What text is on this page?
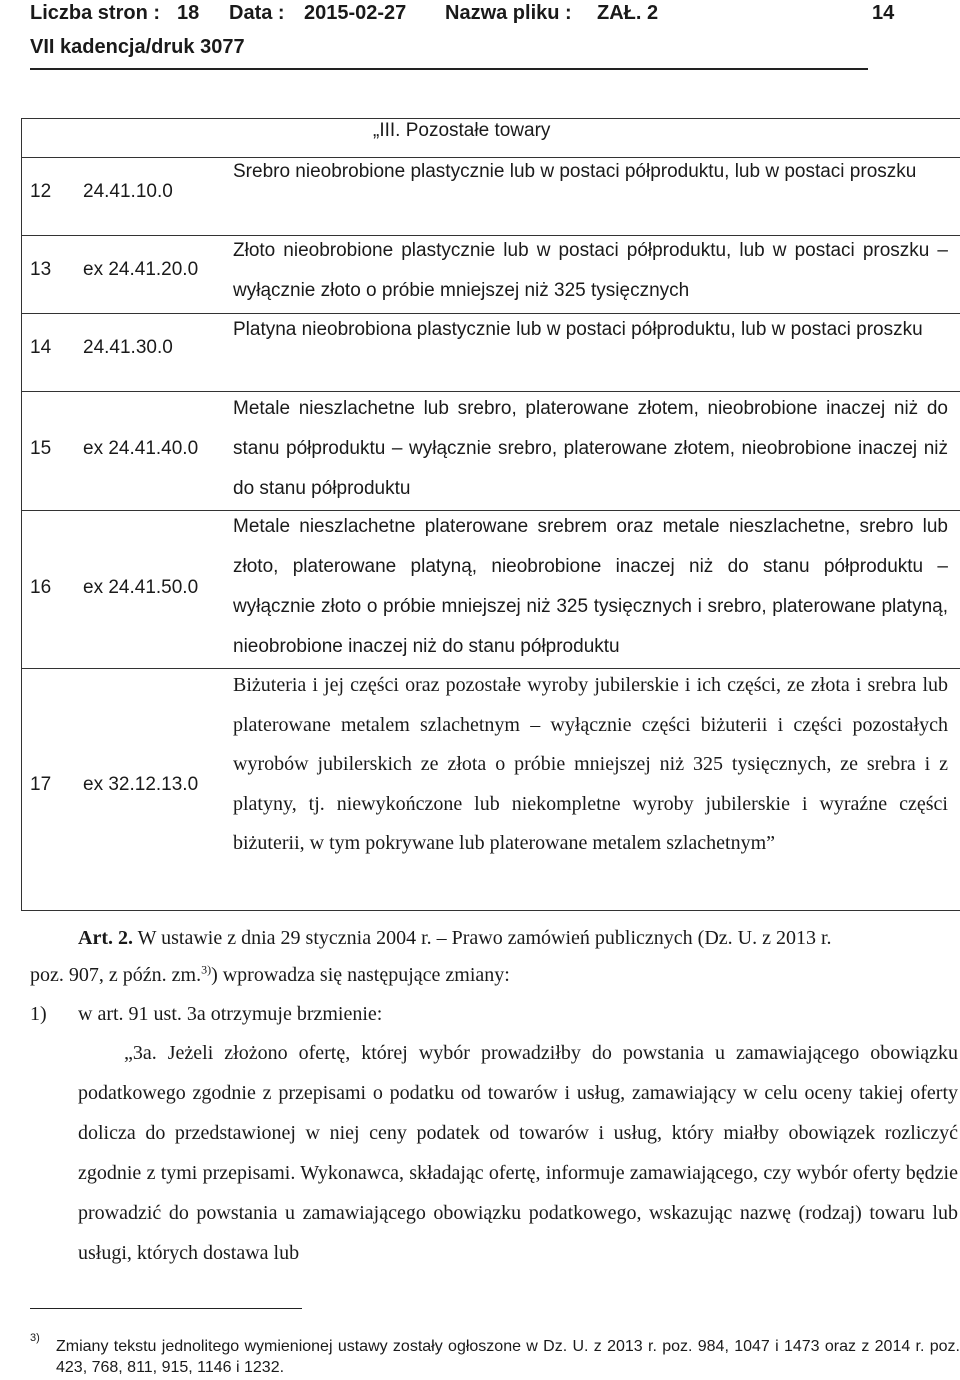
Liczba stron : 18 Data : 2015-02-27 Nazwa pliku : ZAŁ. 2	14
VII kadencja/druk 3077
„III. Pozostałe towary
12 24.41.10.0
Srebro nieobrobione plastycznie lub w postaci półproduktu, lub w postaci proszku
13 ex 24.41.20.0
Złoto nieobrobione plastycznie lub w postaci półproduktu, lub w postaci proszku – wyłącznie złoto o próbie mniejszej niż 325 tysięcznych
14 24.41.30.0
Platyna nieobrobiona plastycznie lub w postaci półproduktu, lub w postaci proszku
15 ex 24.41.40.0
Metale nieszlachetne lub srebro, platerowane złotem, nieobrobione inaczej niż do stanu półproduktu – wyłącznie srebro, platerowane złotem, nieobrobione inaczej niż do stanu półproduktu
16 ex 24.41.50.0
Metale nieszlachetne platerowane srebrem oraz metale nieszlachetne, srebro lub złoto, platerowane platyną, nieobrobione inaczej niż do stanu półproduktu – wyłącznie złoto o próbie mniejszej niż 325 tysięcznych i srebro, platerowane platyną, nieobrobione inaczej niż do stanu półproduktu
17 ex 32.12.13.0
Biżuteria i jej części oraz pozostałe wyroby jubilerskie i ich części, ze złota i srebra lub platerowane metalem szlachetnym – wyłącznie części biżuterii i części pozostałych wyrobów jubilerskich ze złota o próbie mniejszej niż 325 tysięcznych, ze srebra i z platyny, tj. niewykończone lub niekompletne wyroby jubilerskie i wyraźne części biżuterii, w tym pokrywane lub platerowane metalem szlachetnym”
Art. 2. W ustawie z dnia 29 stycznia 2004 r. – Prawo zamówień publicznych (Dz. U. z 2013 r.
poz. 907, z późn. zm.$^{3)}$) wprowadza się następujące zmiany:
1) w art. 91 ust. 3a otrzymuje brzmienie:
„3a. Jeżeli złożono ofertę, której wybór prowadziłby do powstania u zamawiającego obowiązku podatkowego zgodnie z przepisami o podatku od towarów i usług, zamawiający w celu oceny takiej oferty dolicza do przedstawionej w niej ceny podatek od towarów i usług, który miałby obowiązek rozliczyć zgodnie z tymi przepisami. Wykonawca, składając ofertę, informuje zamawiającego, czy wybór oferty będzie prowadzić do powstania u zamawiającego obowiązku podatkowego, wskazując nazwę (rodzaj) towaru lub usługi, których dostawa lub
3) Zmiany tekstu jednolitego wymienionej ustawy zostały ogłoszone w Dz. U. z 2013 r. poz. 984, 1047 i 1473 oraz z 2014 r. poz. 423, 768, 811, 915, 1146 i 1232.
